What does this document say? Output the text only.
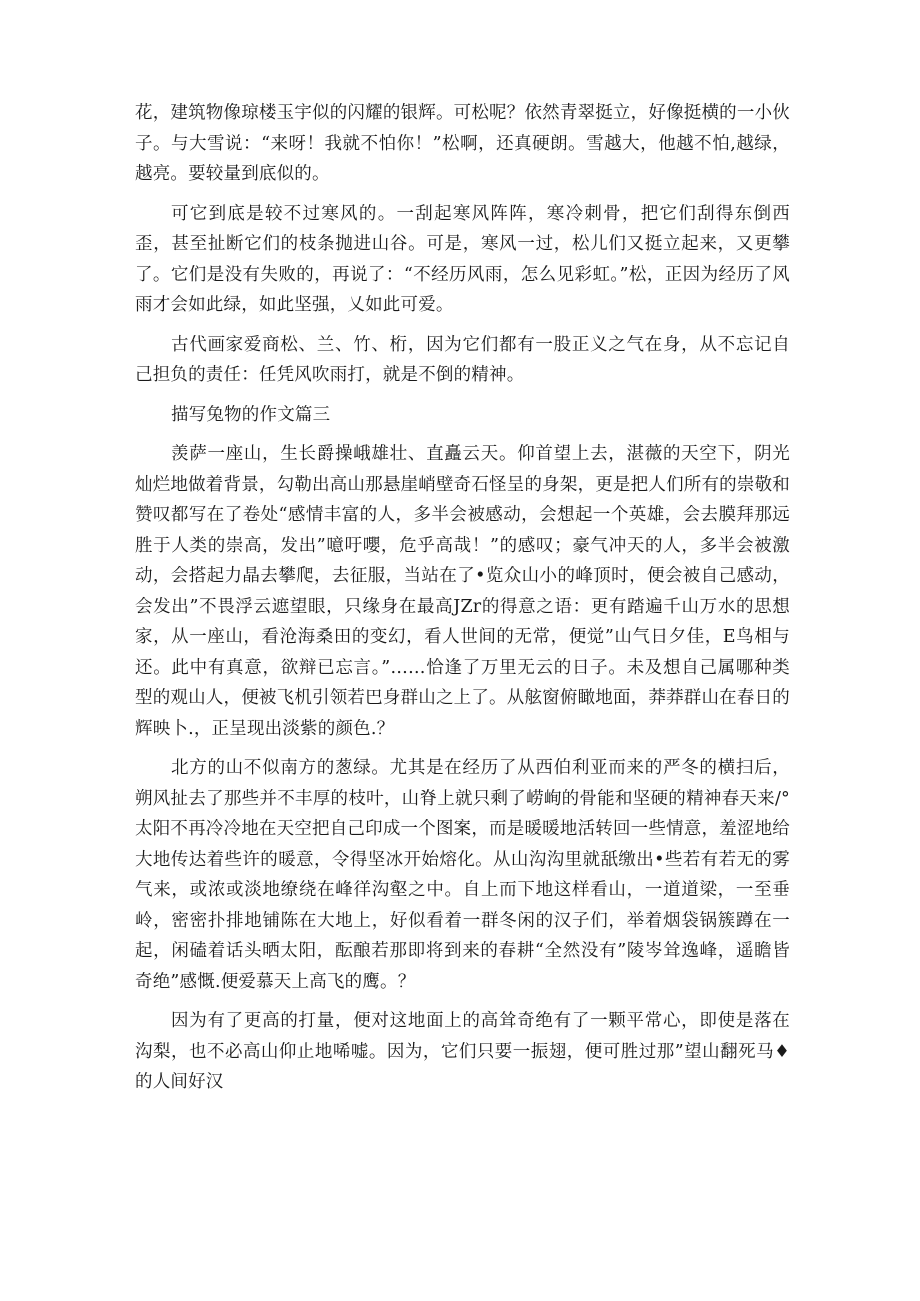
花，建筑物像琼楼玉宇似的闪耀的银辉。可松呢？依然青翠挺立，好像挺横的一小伙子。与大雪说：“来呀！我就不怕你！”松啊，还真硬朗。雪越大，他越不怕,越绿，越亮。要较量到底似的。

可它到底是较不过寒风的。一刮起寒风阵阵，寒冷刺骨，把它们刮得东倒西歪，甚至扯断它们的枝条抛进山谷。可是，寒风一过，松儿们又挺立起来，又更攀了。它们是没有失败的，再说了：“不经历风雨，怎么见彩虹。”松，正因为经历了风雨才会如此绿，如此坚强，乂如此可爱。

古代画家爱商松、兰、竹、桁，因为它们都有一股正义之气在身，从不忘记自己担负的责任：任凭风吹雨打，就是不倒的精神。

描写兔物的作文篇三

羡萨一座山，生长爵操峨雄壮、直矗云天。仰首望上去，湛薇的天空下，阴光灿烂地做着背景，勾勒出高山那悬崖峭壁奇石怪呈的身架，更是把人们所有的崇敬和赞叹都写在了卷处“感情丰富的人，多半会被感动，会想起一个英雄，会去膜拜那远胜于人类的崇高，发出”噫吁嚶，危乎高哉！”的感叹；豪气冲天的人，多半会被激动，会搭起力晶去攀爬，去征服，当站在了•览众山小的峰顶时，便会被自己感动，会发出”不畏浮云遮望眼，只缘身在最高JZr的得意之语：更有踏遍千山万水的思想家，从一座山，看沧海桑田的变幻，看人世间的无常，便觉”山气日夕佳，E鸟相与还。此中有真意，欲辩已忘言。”……恰逢了万里无云的日子。未及想自己属哪种类型的观山人，便被飞机引领若巴身群山之上了。从舷窗俯瞰地面，莽莽群山在春日的辉映卜.，正呈现出淡紫的颜色.？

北方的山不似南方的葱绿。尤其是在经历了从西伯利亚而来的严冬的横扫后，朔风扯去了那些并不丰厚的枝叶，山脊上就只剩了崂峋的骨能和坚硬的精神春天来/° 太阳不再冷冷地在天空把自己印成一个图案，而是暖暖地活转回一些情意，羞涩地给大地传达着些许的暖意，令得坚冰开始熔化。从山沟沟里就舐缴出•些若有若无的雾气来，或浓或淡地缭绕在峰徉沟壑之中。自上而下地这样看山，一道道梁，一至垂岭，密密扑排地铺陈在大地上，好似看着一群冬闲的汉子们，举着烟袋锅簇蹲在一起，闲磕着话头晒太阳，酝酿若那即将到来的春耕“全然没有”陵岑耸逸峰，遥瞻皆奇绝”感慨.便爱慕天上高飞的鹰。？

因为有了更高的打量，便对这地面上的高耸奇绝有了一颗平常心，即使是落在沟梨，也不必高山仰止地唏嘘。因为，它们只要一振翅，便可胜过那”望山翻死马♦的人间好汉
